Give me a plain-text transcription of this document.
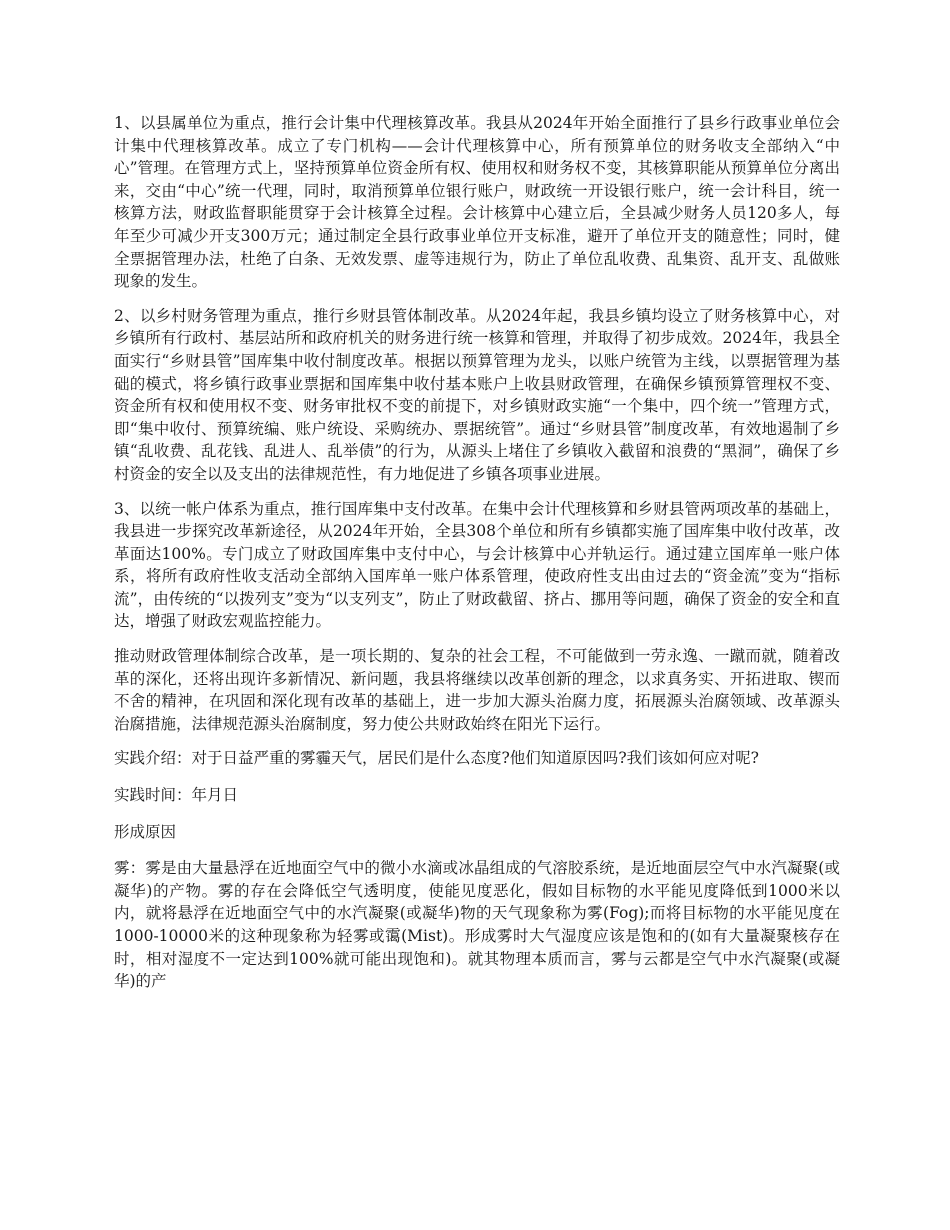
1、以县属单位为重点，推行会计集中代理核算改革。我县从2024年开始全面推行了县乡行政事业单位会计集中代理核算改革。成立了专门机构——会计代理核算中心，所有预算单位的财务收支全部纳入“中心”管理。在管理方式上，坚持预算单位资金所有权、使用权和财务权不变，其核算职能从预算单位分离出来，交由“中心”统一代理，同时，取消预算单位银行账户，财政统一开设银行账户，统一会计科目，统一核算方法，财政监督职能贯穿于会计核算全过程。会计核算中心建立后，全县减少财务人员120多人，每年至少可减少开支300万元；通过制定全县行政事业单位开支标准，避开了单位开支的随意性；同时，健全票据管理办法，杜绝了白条、无效发票、虚等违规行为，防止了单位乱收费、乱集资、乱开支、乱做账现象的发生。

2、以乡村财务管理为重点，推行乡财县管体制改革。从2024年起，我县乡镇均设立了财务核算中心，对乡镇所有行政村、基层站所和政府机关的财务进行统一核算和管理，并取得了初步成效。2024年，我县全面实行“乡财县管”国库集中收付制度改革。根据以预算管理为龙头，以账户统管为主线，以票据管理为基础的模式，将乡镇行政事业票据和国库集中收付基本账户上收县财政管理，在确保乡镇预算管理权不变、资金所有权和使用权不变、财务审批权不变的前提下，对乡镇财政实施“一个集中，四个统一”管理方式，即“集中收付、预算统编、账户统设、采购统办、票据统管”。通过“乡财县管”制度改革，有效地遏制了乡镇“乱收费、乱花钱、乱进人、乱举债”的行为，从源头上堵住了乡镇收入截留和浪费的“黑洞”，确保了乡村资金的安全以及支出的法律规范性，有力地促进了乡镇各项事业进展。

3、以统一帐户体系为重点，推行国库集中支付改革。在集中会计代理核算和乡财县管两项改革的基础上，我县进一步探究改革新途径，从2024年开始，全县308个单位和所有乡镇都实施了国库集中收付改革，改革面达100%。专门成立了财政国库集中支付中心，与会计核算中心并轨运行。通过建立国库单一账户体系，将所有政府性收支活动全部纳入国库单一账户体系管理，使政府性支出由过去的“资金流”变为“指标流”，由传统的“以拨列支”变为“以支列支”，防止了财政截留、挤占、挪用等问题，确保了资金的安全和直达，增强了财政宏观监控能力。

推动财政管理体制综合改革，是一项长期的、复杂的社会工程，不可能做到一劳永逸、一蹴而就，随着改革的深化，还将出现许多新情况、新问题，我县将继续以改革创新的理念，以求真务实、开拓进取、锲而不舍的精神，在巩固和深化现有改革的基础上，进一步加大源头治腐力度，拓展源头治腐领域、改革源头治腐措施，法律规范源头治腐制度，努力使公共财政始终在阳光下运行。

实践介绍：对于日益严重的雾霾天气，居民们是什么态度?他们知道原因吗?我们该如何应对呢?

实践时间：年月日

形成原因

雾：雾是由大量悬浮在近地面空气中的微小水滴或冰晶组成的气溶胶系统，是近地面层空气中水汽凝聚(或凝华)的产物。雾的存在会降低空气透明度，使能见度恶化，假如目标物的水平能见度降低到1000米以内，就将悬浮在近地面空气中的水汽凝聚(或凝华)物的天气现象称为雾(Fog);而将目标物的水平能见度在1000-10000米的这种现象称为轻雾或霭(Mist)。形成雾时大气湿度应该是饱和的(如有大量凝聚核存在时，相对湿度不一定达到100%就可能出现饱和)。就其物理本质而言，雾与云都是空气中水汽凝聚(或凝华)的产
